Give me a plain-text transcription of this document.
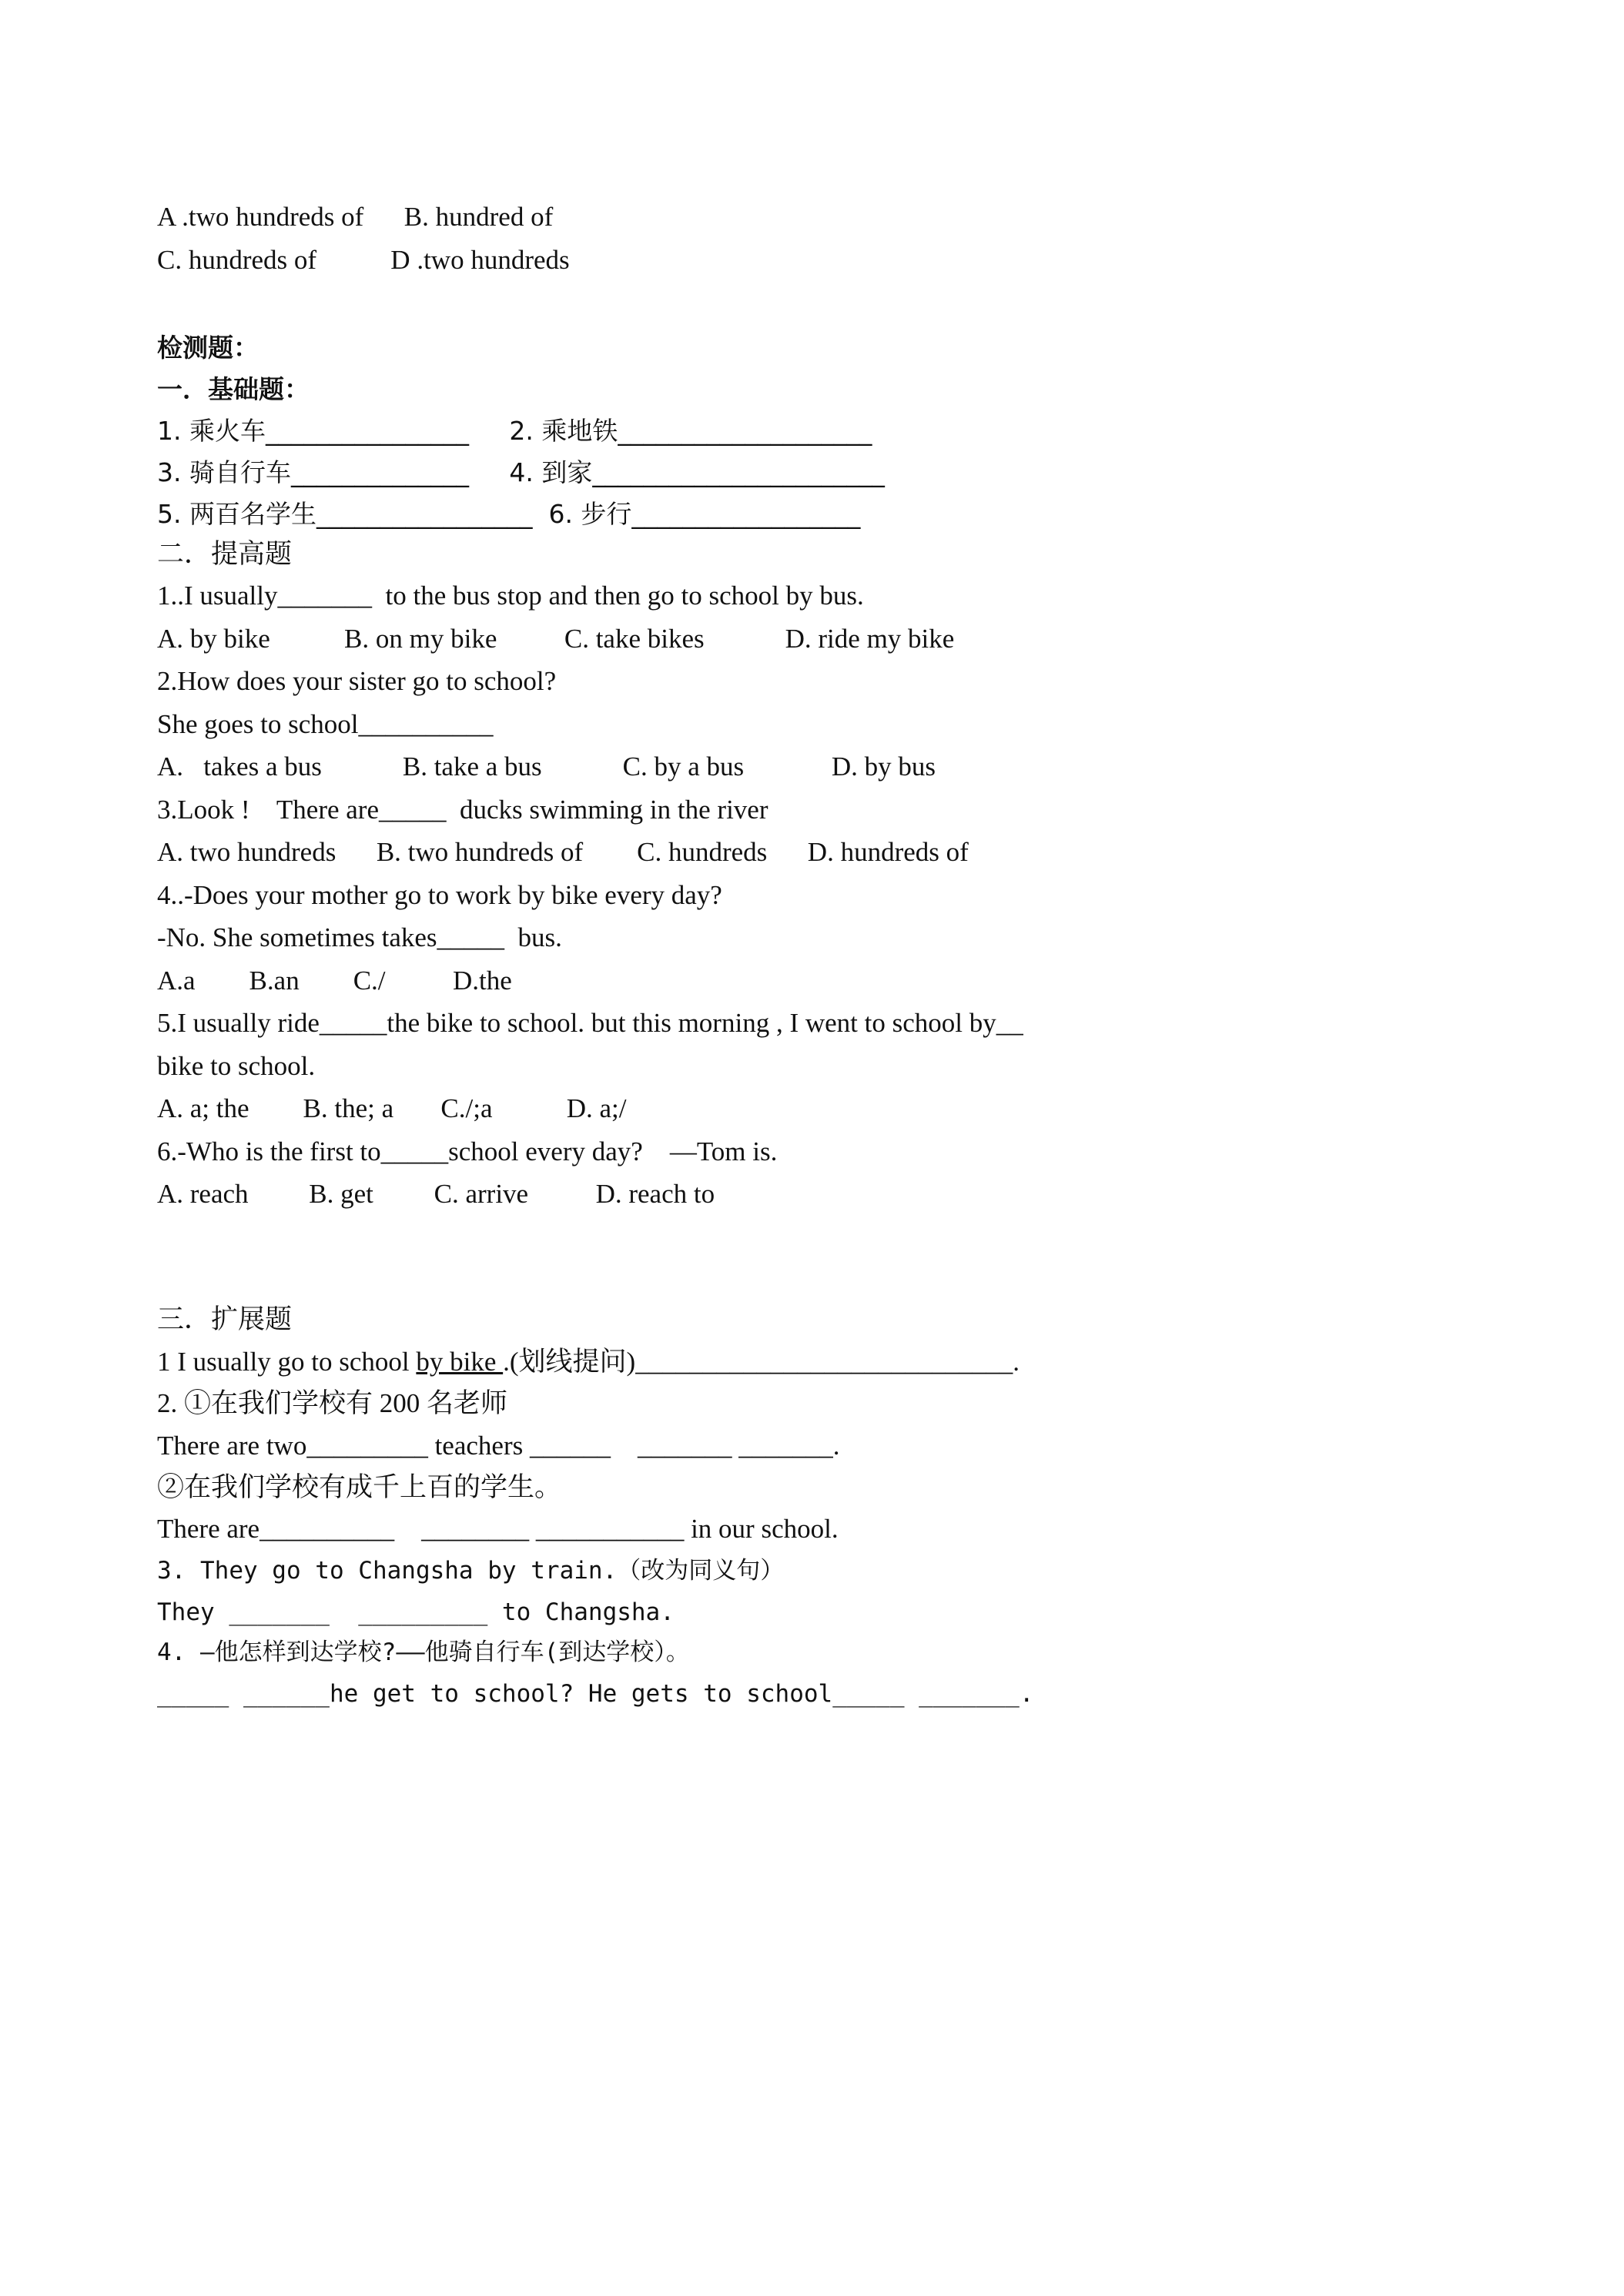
A .two hundreds of      B. hundred of
C. hundreds of           D .two hundreds
检测题：
一．基础题：
1. 乘火车________________     2. 乘地铁____________________
3. 骑自行车______________     4. 到家_______________________
5. 两百名学生_________________  6. 步行__________________
二．提高题
1..I usually_______  to the bus stop and then go to school by bus.
A. by bike           B. on my bike          C. take bikes            D. ride my bike
2.How does your sister go to school?
She goes to school__________
A.   takes a bus            B. take a bus            C. by a bus             D. by bus
3.Look !    There are_____  ducks swimming in the river
A. two hundreds      B. two hundreds of        C. hundreds      D. hundreds of
4..-Does your mother go to work by bike every day?
-No. She sometimes takes_____  bus.
A.a        B.an        C./          D.the
5.I usually ride_____the bike to school. but this morning , I went to school by__
bike to school.
A. a; the        B. the; a       C./;a           D. a;/
6.-Who is the first to_____school every day?    —Tom is.
A. reach         B. get         C. arrive          D. reach to
三．扩展题
1 I usually go to school by bike .(划线提问)____________________________.
2. ①在我们学校有 200 名老师
There are two_________ teachers ______    _______ _______.
②在我们学校有成千上百的学生。
There are__________    ________ ___________ in our school.
3. They go to Changsha by train.（改为同义句）
They _______  _________ to Changsha.
4. —他怎样到达学校?——他骑自行车(到达学校）。
_____ ______he get to school? He gets to school_____ _______.
